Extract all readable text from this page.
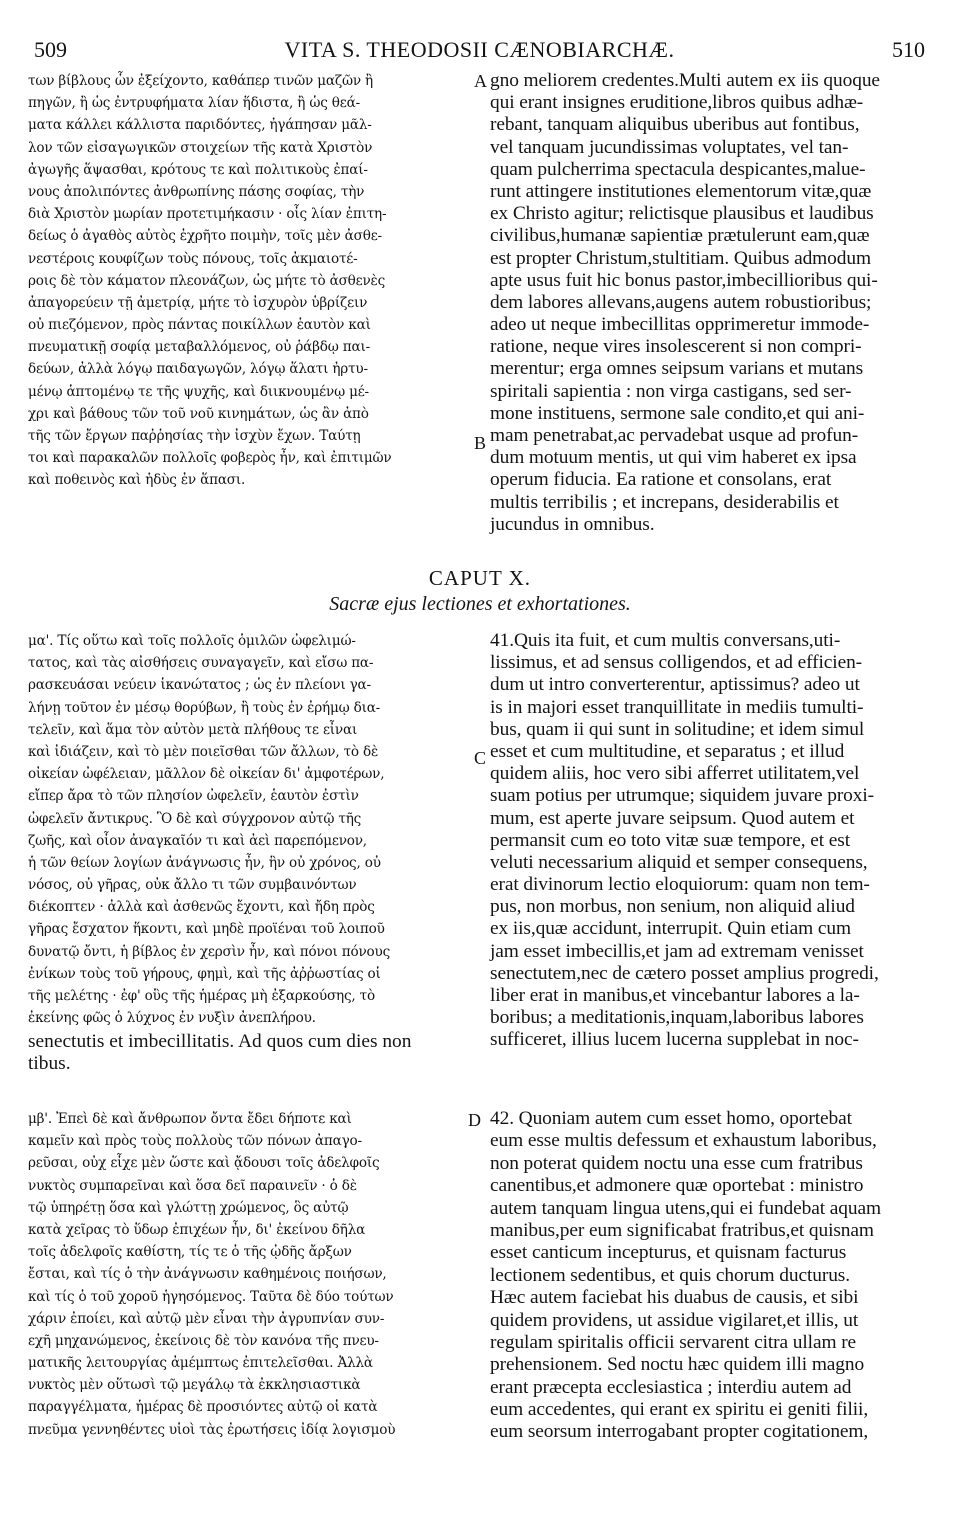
509	VITA S. THEODOSII CÆNOBIARCHÆ.	510
των βίβλους ὧν ἐξείχοντο, καθάπερ τινῶν μαζῶν ἢ
πηγῶν, ἢ ὡς ἐντρυφήματα λίαν ἥδιστα, ἢ ὡς θεά-
ματα κάλλει κάλλιστα παριδόντες, ἠγάπησαν μᾶλ-
λον τῶν εἰσαγωγικῶν στοιχείων τῆς κατὰ Χριστὸν
ἀγωγῆς ἅψασθαι, κρότους τε καὶ πολιτικοὺς ἐπαί-
νους ἀπολιπόντες ἀνθρωπίνης πάσης σοφίας, τὴν
διὰ Χριστὸν μωρίαν προτετιμήκασιν · οἷς λίαν ἐπιτη-
δείως ὁ ἀγαθὸς αὐτὸς ἐχρῆτο ποιμὴν, τοῖς μὲν ἀσθε-
νεστέροις κουφίζων τοὺς πόνους, τοῖς ἀκμαιοτέ-
ροις δὲ τὸν κάματον πλεονάζων, ὡς μήτε τὸ ἀσθενὲς
ἀπαγορεύειν τῇ ἀμετρίᾳ, μήτε τὸ ἰσχυρὸν ὑβρίζειν
οὐ πιεζόμενον, πρὸς πάντας ποικίλλων ἑαυτὸν καὶ
πνευματικῇ σοφίᾳ μεταβαλλόμενος, οὐ ῥάβδῳ παι-
δεύων, ἀλλὰ λόγῳ παιδαγωγῶν, λόγῳ ἅλατι ἠρτυ-
μένῳ ἁπτομένῳ τε τῆς ψυχῆς, καὶ διικνουμένῳ μέ-
χρι καὶ βάθους τῶν τοῦ νοῦ κινημάτων, ὡς ἂν ἀπὸ
τῆς τῶν ἔργων παῤῥησίας τὴν ἰσχὺν ἔχων. Ταύτῃ
τοι καὶ παρακαλῶν πολλοῖς φοβερὸς ἦν, καὶ ἐπιτιμῶν
καὶ ποθεινὸς καὶ ἡδὺς ἐν ἅπασι.
gno meliorem credentes.Multi autem ex iis quoque
qui erant insignes eruditione,libros quibus adhæ-
rebant, tanquam aliquibus uberibus aut fontibus,
vel tanquam jucundissimas voluptates, vel tan-
quam pulcherrima spectacula despicantes,malue-
runt attingere institutiones elementorum vitæ,quæ
ex Christo agitur; relictisque plausibus et laudibus
civilibus,humanæ sapientiæ prætulerunt eam,quæ
est propter Christum,stultitiam. Quibus admodum
apte usus fuit hic bonus pastor,imbecillioribus qui-
dem labores allevans,augens autem robustioribus;
adeo ut neque imbecillitas opprimeretur immode-
ratione, neque vires insolescerent si non compri-
merentur; erga omnes seipsum varians et mutans
spiritali sapientia : non virga castigans, sed ser-
mone instituens, sermone sale condito,et qui ani-
mam penetrabat,ac pervadebat usque ad profun-
dum motuum mentis, ut qui vim haberet ex ipsa
operum fiducia. Ea ratione et consolans, erat
multis terribilis ; et increpans, desiderabilis et
jucundus in omnibus.
A
B
CAPUT X.
Sacræ ejus lectiones et exhortationes.
μα'. Τίς οὕτω καὶ τοῖς πολλοῖς ὁμιλῶν ὠφελιμώ-
τατος, καὶ τὰς αἰσθήσεις συναγαγεῖν, καὶ εἴσω πα-
ρασκευάσαι νεύειν ἱκανώτατος ; ὡς ἐν πλείονι γα-
λήνῃ τοῦτον ἐν μέσῳ θορύβων, ἢ τοὺς ἐν ἐρήμῳ δια-
τελεῖν, καὶ ἅμα τὸν αὐτὸν μετὰ πλήθους τε εἶναι
καὶ ἰδιάζειν, καὶ τὸ μὲν ποιεῖσθαι τῶν ἄλλων, τὸ δὲ
οἰκείαν ὠφέλειαν, μᾶλλον δὲ οἰκείαν δι' ἀμφοτέρων,
εἴπερ ἄρα τὸ τῶν πλησίον ὠφελεῖν, ἑαυτὸν ἐστὶν
ὠφελεῖν ἄντικρυς. Ὃ δὲ καὶ σύγχρονον αὐτῷ τῆς
ζωῆς, καὶ οἷον ἀναγκαῖόν τι καὶ ἀεὶ παρεπόμενον,
ἡ τῶν θείων λογίων ἀνάγνωσις ἦν, ἣν οὐ χρόνος, οὐ
νόσος, οὐ γῆρας, οὐκ ἄλλο τι τῶν συμβαινόντων
διέκοπτεν · ἀλλὰ καὶ ἀσθενῶς ἔχοντι, καὶ ἤδη πρὸς
γῆρας ἔσχατον ἥκοντι, καὶ μηδὲ προϊέναι τοῦ λοιποῦ
δυνατῷ ὄντι, ἡ βίβλος ἐν χερσὶν ἦν, καὶ πόνοι πόνους
ἐνίκων τοὺς τοῦ γήρους, φημὶ, καὶ τῆς ἀῤῥωστίας οἱ
τῆς μελέτης · ἐφ' οὓς τῆς ἡμέρας μὴ ἐξαρκούσης, τὸ
ἐκείνης φῶς ὁ λύχνος ἐν νυξὶν ἀνεπλήρου.
41.Quis ita fuit, et cum multis conversans,uti-
lissimus, et ad sensus colligendos, et ad efficien-
dum ut intro converterentur, aptissimus? adeo ut
is in majori esset tranquillitate in mediis tumulti-
bus, quam ii qui sunt in solitudine; et idem simul
esset et cum multitudine, et separatus ; et illud
quidem aliis, hoc vero sibi afferret utilitatem,vel
suam potius per utrumque; siquidem juvare proxi-
mum, est aperte juvare seipsum. Quod autem et
permansit cum eo toto vitæ suæ tempore, et est
veluti necessarium aliquid et semper consequens,
erat divinorum lectio eloquiorum: quam non tem-
pus, non morbus, non senium, non aliquid aliud
ex iis,quæ accidunt, interrupit. Quin etiam cum
jam esset imbecillis,et jam ad extremam venisset
senectutem,nec de cætero posset amplius progredi,
liber erat in manibus,et vincebantur labores a la-
boribus; a meditationis,inquam,laboribus labores
sufficeret, illius lucem lucerna supplebat in noc-
C
senectutis et imbecillitatis. Ad quos cum dies non
tibus.
μβ'. Ἐπεὶ δὲ καὶ ἄνθρωπον ὄντα ἔδει δήποτε καὶ
καμεῖν καὶ πρὸς τοὺς πολλοὺς τῶν πόνων ἀπαγο-
ρεῦσαι, οὐχ εἶχε μὲν ὥστε καὶ ᾄδουσι τοῖς ἀδελφοῖς
νυκτὸς συμπαρεῖναι καὶ ὅσα δεῖ παραινεῖν · ὁ δὲ
τῷ ὑπηρέτῃ ὅσα καὶ γλώττῃ χρώμενος, ὃς αὐτῷ
κατὰ χεῖρας τὸ ὕδωρ ἐπιχέων ἦν, δι' ἐκείνου δῆλα
τοῖς ἀδελφοῖς καθίστη, τίς τε ὁ τῆς ᾠδῆς ἄρξων
ἔσται, καὶ τίς ὁ τὴν ἀνάγνωσιν καθημένοις ποιήσων,
καὶ τίς ὁ τοῦ χοροῦ ἡγησόμενος. Ταῦτα δὲ δύο τούτων
χάριν ἐποίει, καὶ αὐτῷ μὲν εἶναι τὴν ἀγρυπνίαν συν-
εχῆ μηχανώμενος, ἐκείνοις δὲ τὸν κανόνα τῆς πνευ-
ματικῆς λειτουργίας ἀμέμπτως ἐπιτελεῖσθαι. Ἀλλὰ
νυκτὸς μὲν οὕτωσὶ τῷ μεγάλῳ τὰ ἐκκλησιαστικὰ
παραγγέλματα, ἡμέρας δὲ προσιόντες αὐτῷ οἱ κατὰ
πνεῦμα γεννηθέντες υἱοὶ τὰς ἐρωτήσεις ἰδίᾳ λογισμοὺ
42. Quoniam autem cum esset homo, oportebat
eum esse multis defessum et exhaustum laboribus,
non poterat quidem noctu una esse cum fratribus
canentibus,et admonere quæ oportebat : ministro
autem tanquam lingua utens,qui ei fundebat aquam
manibus,per eum significabat fratribus,et quisnam
esset canticum incepturus, et quisnam facturus
lectionem sedentibus, et quis chorum ducturus.
Hæc autem faciebat his duabus de causis, et sibi
quidem providens, ut assidue vigilaret,et illis, ut
regulam spiritalis officii servarent citra ullam re
prehensionem. Sed noctu hæc quidem illi magno
erant præcepta ecclesiastica ; interdiu autem ad
eum accedentes, qui erant ex spiritu ei geniti filii,
eum seorsum interrogabant propter cogitationem,
D
